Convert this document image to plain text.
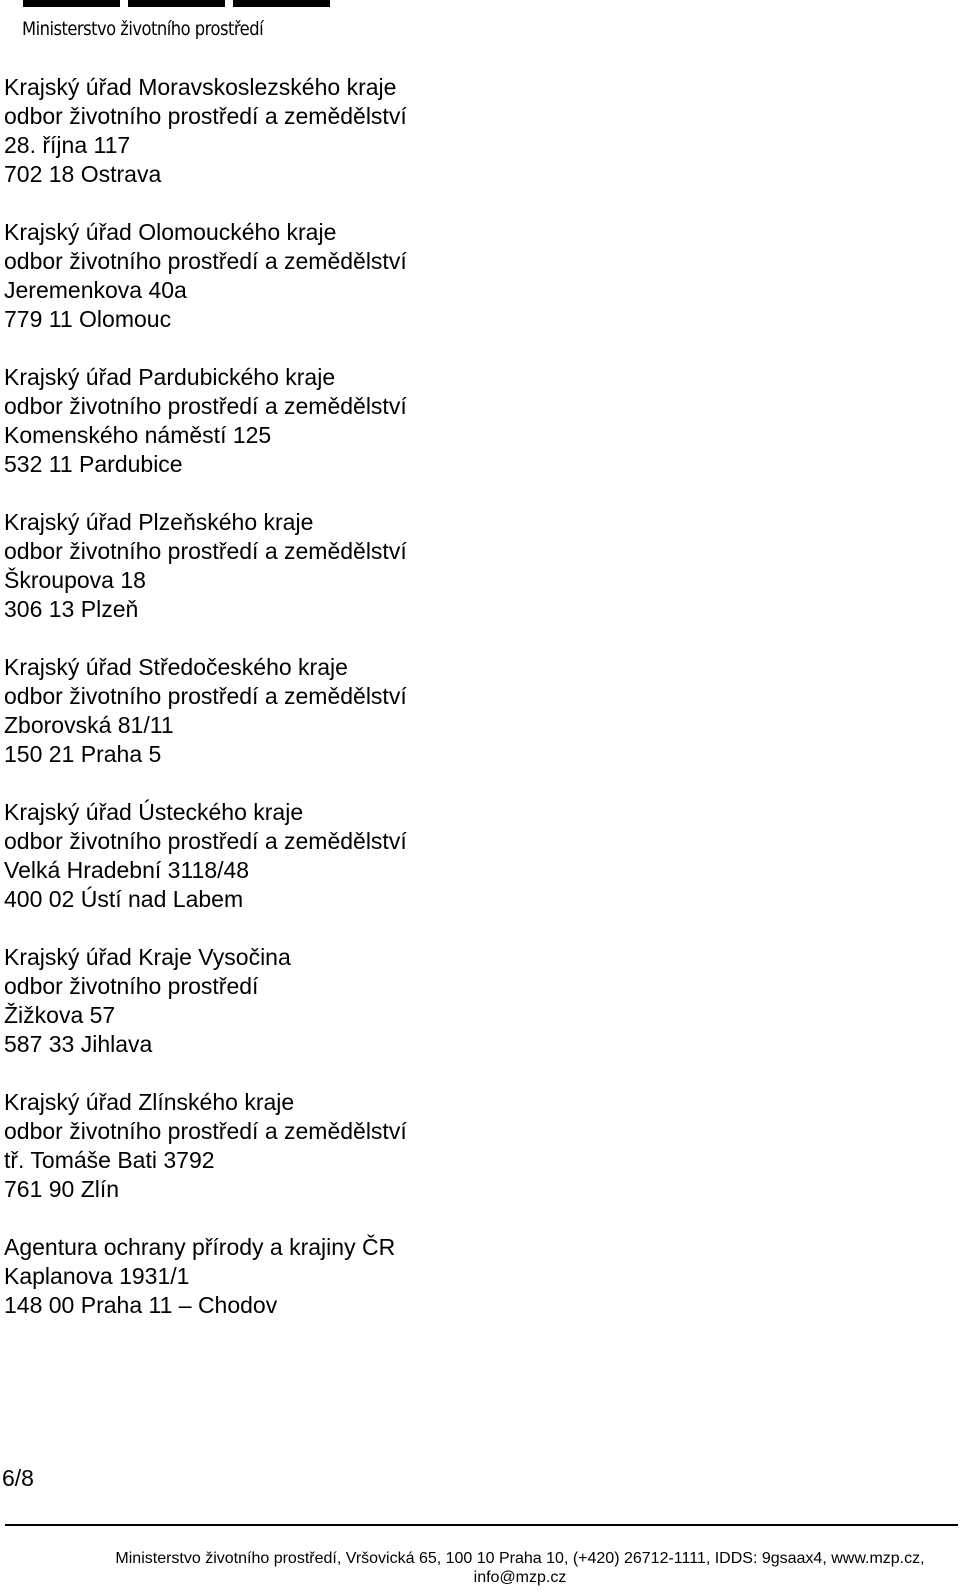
Ministerstvo životního prostředí
Krajský úřad Moravskoslezského kraje
odbor životního prostředí a zemědělství
28. října 117
702 18 Ostrava
Krajský úřad Olomouckého kraje
odbor životního prostředí a zemědělství
Jeremenkova 40a
779 11 Olomouc
Krajský úřad Pardubického kraje
odbor životního prostředí a zemědělství
Komenského náměstí 125
532 11 Pardubice
Krajský úřad Plzeňského kraje
odbor životního prostředí a zemědělství
Škroupova 18
306 13 Plzeň
Krajský úřad Středočeského kraje
odbor životního prostředí a zemědělství
Zborovská 81/11
150 21 Praha 5
Krajský úřad Ústeckého kraje
odbor životního prostředí a zemědělství
Velká Hradební 3118/48
400 02 Ústí nad Labem
Krajský úřad Kraje Vysočina
odbor životního prostředí
Žižkova 57
587 33 Jihlava
Krajský úřad Zlínského kraje
odbor životního prostředí a zemědělství
tř. Tomáše Bati 3792
761 90 Zlín
Agentura ochrany přírody a krajiny ČR
Kaplanova 1931/1
148 00 Praha 11 – Chodov
6/8
Ministerstvo životního prostředí, Vršovická 65, 100 10 Praha 10, (+420) 26712-1111, IDDS: 9gsaax4, www.mzp.cz,
info@mzp.cz
